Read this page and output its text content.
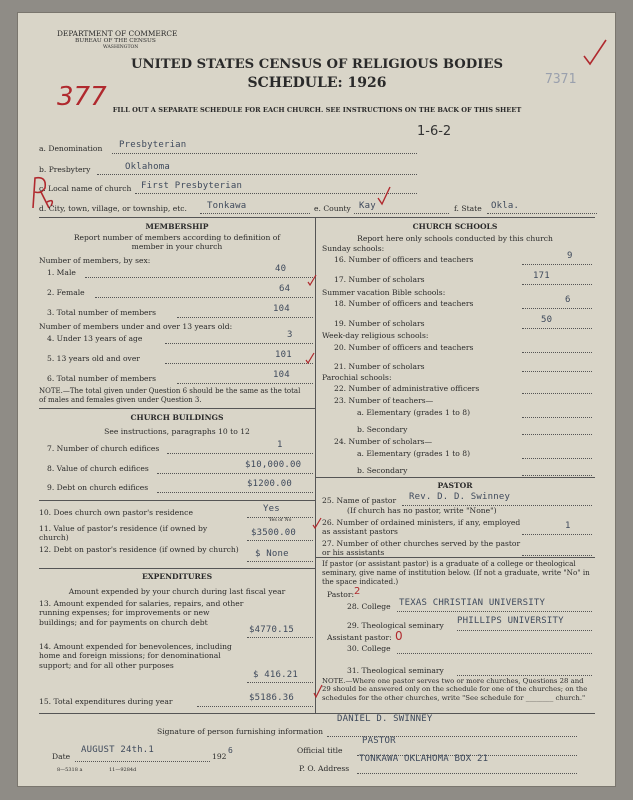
DEPARTMENT OF COMMERCE
BUREAU OF THE CENSUS
WASHINGTON
UNITED STATES CENSUS OF RELIGIOUS BODIES
SCHEDULE: 1926
FILL OUT A SEPARATE SCHEDULE FOR EACH CHURCH. SEE INSTRUCTIONS ON THE BACK OF THIS SHEET
377
7371
1-6-2
a. Denomination Presbyterian
b. Presbytery	Oklahoma
c. Local name of church First Presbyterian
d. City, town, village, or township, etc. Tonkawa	e. County Kay	f. State Okla.
MEMBERSHIP
Report number of members according to definition of member in your church
Number of members, by sex:
1. Male	40
2. Female	64
3. Total number of members	104
Number of members under and over 13 years old:
4. Under 13 years of age	3
5. 13 years old and over	101
6. Total number of members	104
NOTE.—The total given under Question 6 should be the same as the total of males and females given under Question 3.
CHURCH BUILDINGS
See instructions, paragraphs 10 to 12
7. Number of church edifices	1
8. Value of church edifices	$10,000.00
9. Debt on church edifices	$1200.00
10. Does church own pastor's residence	Yes
Yes or No
11. Value of pastor's residence (if owned by church)	$3500.00
12. Debt on pastor's residence (if owned by church) $ None
EXPENDITURES
Amount expended by your church during last fiscal year
13. Amount expended for salaries, repairs, and other running expenses; for improvements or new buildings; and for payments on church debt
$4770.15
14. Amount expended for benevolences, including home and foreign missions; for denominational support; and for all other purposes
$ 416.21
15. Total expenditures during year	$5186.36
CHURCH SCHOOLS
Report here only schools conducted by this church
Sunday schools:
16. Number of officers and teachers	9
17. Number of scholars	171
Summer vacation Bible schools:
18. Number of officers and teachers	6
19. Number of scholars	50
Week-day religious schools:
20. Number of officers and teachers
21. Number of scholars
Parochial schools:
22. Number of administrative officers
23. Number of teachers—
a. Elementary (grades 1 to 8)
b. Secondary
24. Number of scholars—
a. Elementary (grades 1 to 8)
b. Secondary
PASTOR
25. Name of pastor Rev. D. D. Swinney
(If church has no pastor, write "None")
26. Number of ordained ministers, if any, employed as assistant pastors
1
27. Number of other churches served by the pastor or his assistants
If pastor (or assistant pastor) is a graduate of a college or theological seminary, give name of institution below. (If not a graduate, write "No" in the space indicated.)
Pastor:
28. College TEXAS CHRISTIAN UNIVERSITY
29. Theological seminary PHILLIPS UNIVERSITY
Assistant pastor: 0
30. College
31. Theological seminary
NOTE.—Where one pastor serves two or more churches, Questions 28 and 29 should be answered only on the schedule for one of the churches; on the schedules for the other churches, write "See schedule for ________ church."
Signature of person furnishing information
DANIEL D. SWINNEY
Official title
PASTOR
Date
AUGUST 24th.1
192
6
P. O. Address
TONKAWA OKLAHOMA BOX 21
8—5318 a	11—9284d
2
